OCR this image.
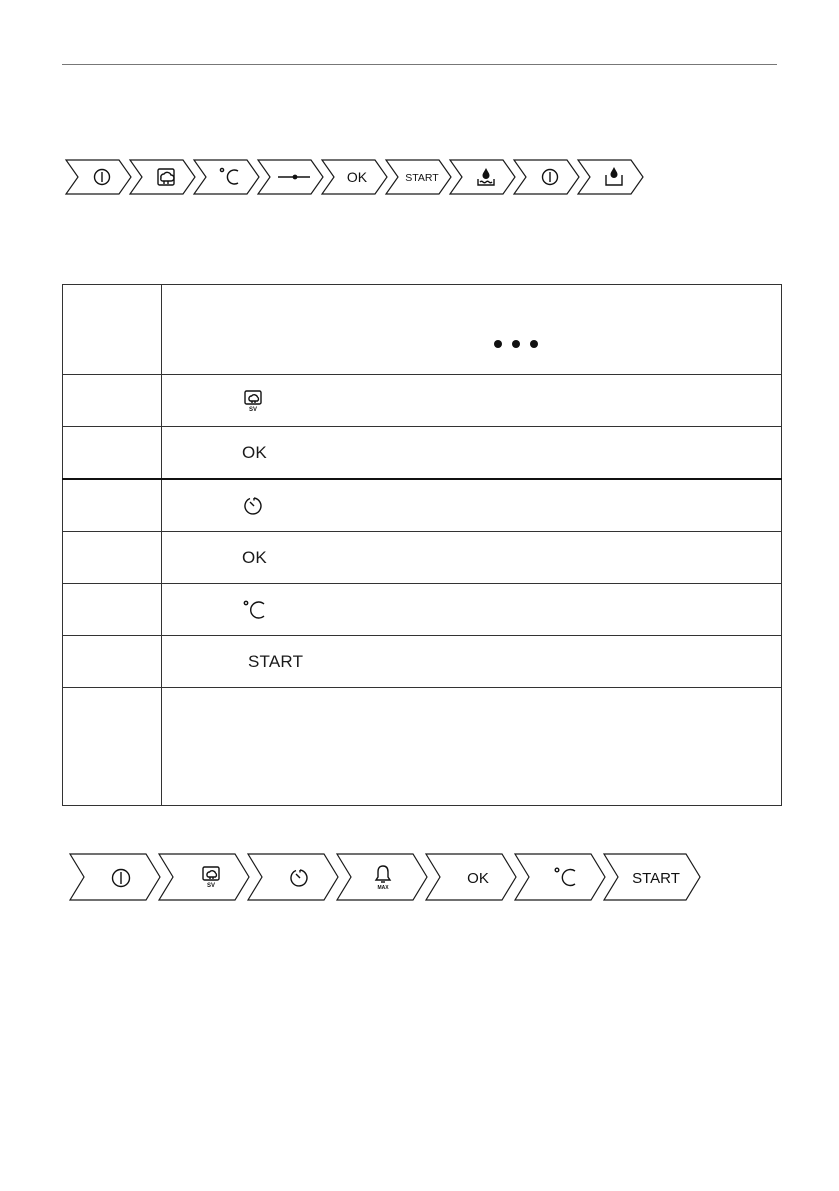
OK	START

SV

	OK

	OK

	START

SV	MAX
OK	START
